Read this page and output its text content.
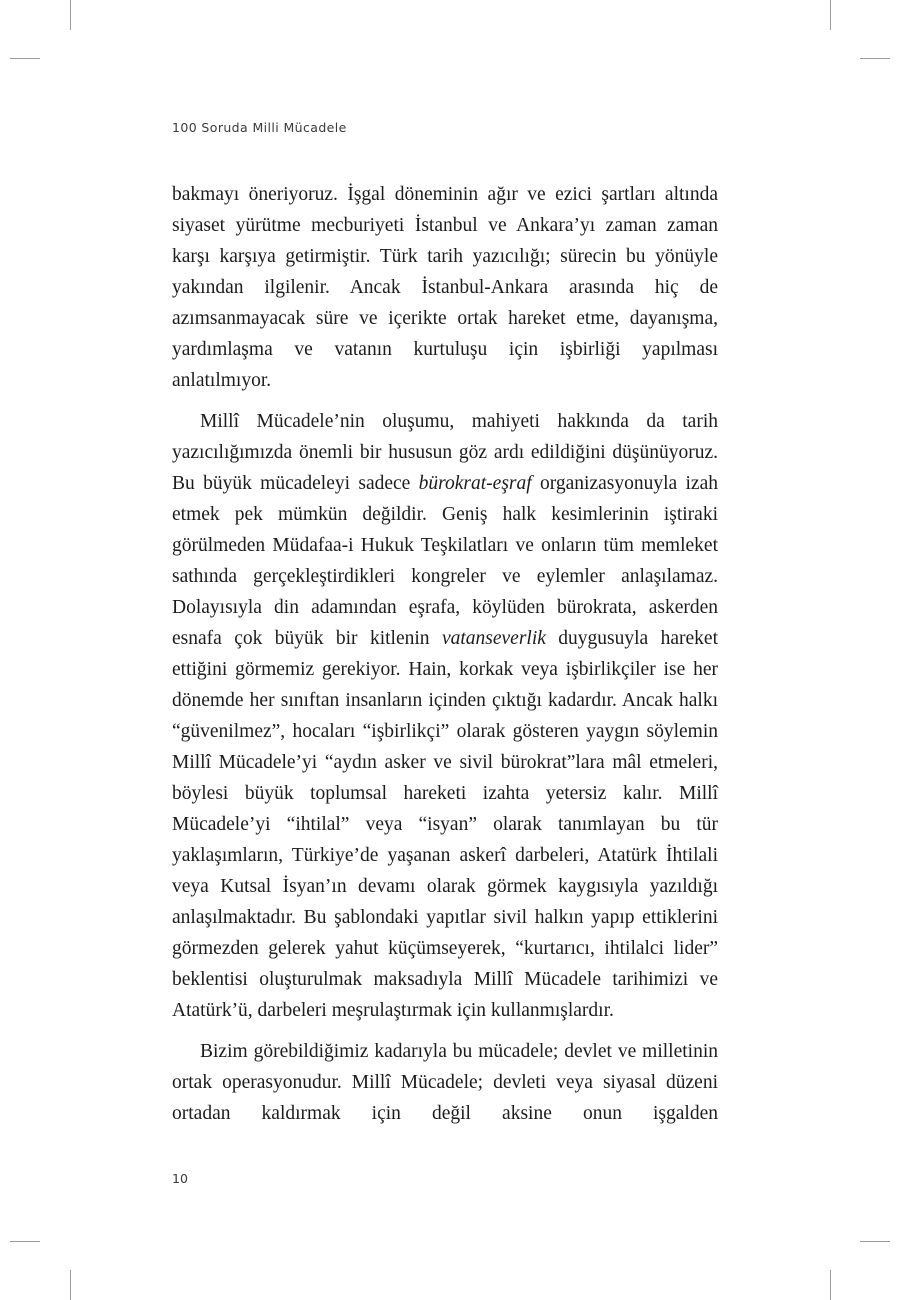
100 Soruda Milli Mücadele

bakmayı öneriyoruz. İşgal döneminin ağır ve ezici şartları altında siyaset yürütme mecburiyeti İstanbul ve Ankara’yı zaman zaman karşı karşıya getirmiştir. Türk tarih yazıcılığı; sürecin bu yönüyle yakından ilgilenir. Ancak İstanbul-Ankara arasında hiç de azımsanmayacak süre ve içerikte ortak hareket etme, dayanışma, yardımlaşma ve vatanın kurtuluşu için işbirliği yapılması anlatılmıyor.

Millî Mücadele’nin oluşumu, mahiyeti hakkında da tarih yazıcılığımızda önemli bir hususun göz ardı edildiğini düşünüyoruz. Bu büyük mücadeleyi sadece bürokrat-eşraf organizasyonuyla izah etmek pek mümkün değildir. Geniş halk kesimlerinin iştiraki görülmeden Müdafaa-i Hukuk Teşkilatları ve onların tüm memleket sathında gerçekleştirdikleri kongreler ve eylemler anlaşılamaz. Dolayısıyla din adamından eşrafa, köylüden bürokrata, askerden esnafa çok büyük bir kitlenin vatanseverlik duygusuyla hareket ettiğini görmemiz gerekiyor. Hain, korkak veya işbirlikçiler ise her dönemde her sınıftan insanların içinden çıktığı kadardır. Ancak halkı “güvenilmez”, hocaları “işbirlikçi” olarak gösteren yaygın söylemin Millî Mücadele’yi “aydın asker ve sivil bürokrat”lara mâl etmeleri, böylesi büyük toplumsal hareketi izahta yetersiz kalır. Millî Mücadele’yi “ihtilal” veya “isyan” olarak tanımlayan bu tür yaklaşımların, Türkiye’de yaşanan askerî darbeleri, Atatürk İhtilali veya Kutsal İsyan’ın devamı olarak görmek kaygısıyla yazıldığı anlaşılmaktadır. Bu şablondaki yapıtlar sivil halkın yapıp ettiklerini görmezden gelerek yahut küçümseyerek, “kurtarıcı, ihtilalci lider” beklentisi oluşturulmak maksadıyla Millî Mücadele tarihimizi ve Atatürk’ü, darbeleri meşrulaştırmak için kullanmışlardır.

Bizim görebildiğimiz kadarıyla bu mücadele; devlet ve milletinin ortak operasyonudur. Millî Mücadele; devleti veya siyasal düzeni ortadan kaldırmak için değil aksine onun işgalden

10
